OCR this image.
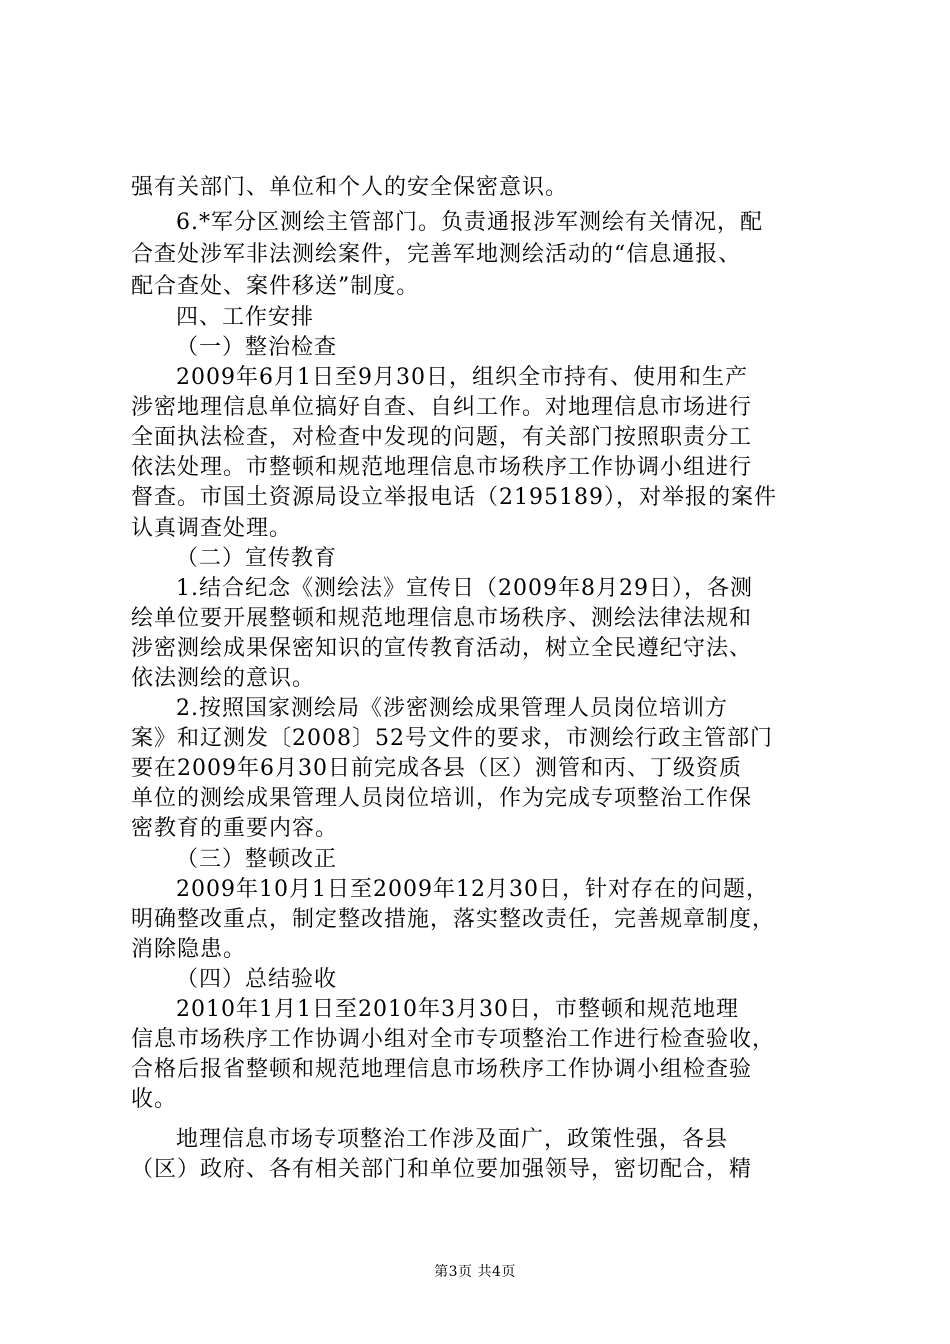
强有关部门、单位和个人的安全保密意识。
6.*军分区测绘主管部门。负责通报涉军测绘有关情况，配
合查处涉军非法测绘案件，完善军地测绘活动的“信息通报、
配合查处、案件移送”制度。
四、工作安排
（一）整治检查
2009年6月1日至9月30日，组织全市持有、使用和生产
涉密地理信息单位搞好自查、自纠工作。对地理信息市场进行
全面执法检查，对检查中发现的问题，有关部门按照职责分工
依法处理。市整顿和规范地理信息市场秩序工作协调小组进行
督查。市国土资源局设立举报电话（2195189），对举报的案件
认真调查处理。
（二）宣传教育
1.结合纪念《测绘法》宣传日（2009年8月29日），各测
绘单位要开展整顿和规范地理信息市场秩序、测绘法律法规和
涉密测绘成果保密知识的宣传教育活动，树立全民遵纪守法、
依法测绘的意识。
2.按照国家测绘局《涉密测绘成果管理人员岗位培训方
案》和辽测发〔2008〕52号文件的要求，市测绘行政主管部门
要在2009年6月30日前完成各县（区）测管和丙、丁级资质
单位的测绘成果管理人员岗位培训，作为完成专项整治工作保
密教育的重要内容。
（三）整顿改正
2009年10月1日至2009年12月30日，针对存在的问题，
明确整改重点，制定整改措施，落实整改责任，完善规章制度，
消除隐患。
（四）总结验收
2010年1月1日至2010年3月30日，市整顿和规范地理
信息市场秩序工作协调小组对全市专项整治工作进行检查验收，
合格后报省整顿和规范地理信息市场秩序工作协调小组检查验
收。
地理信息市场专项整治工作涉及面广，政策性强，各县
（区）政府、各有相关部门和单位要加强领导，密切配合，精
第3页 共4页
